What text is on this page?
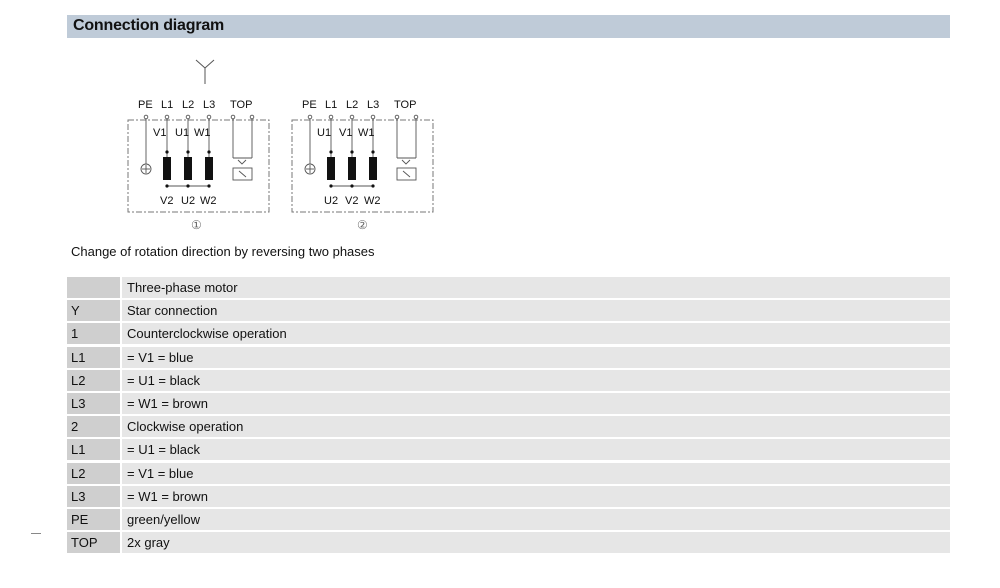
Connection diagram
PE L1 L2 L3 TOP
V1 U1 W1
V2 U2 W2
①
PE L1 L2 L3 TOP
U1 V1 W1
U2 V2 W2
②
Change of rotation direction by reversing two phases
Three-phase motor
Y	Star connection
1	Counterclockwise operation
L1	= V1 = blue
L2	= U1 = black
L3	= W1 = brown
2	Clockwise operation
L1	= U1 = black
L2	= V1 = blue
L3	= W1 = brown
PE	green/yellow
TOP	2x gray
